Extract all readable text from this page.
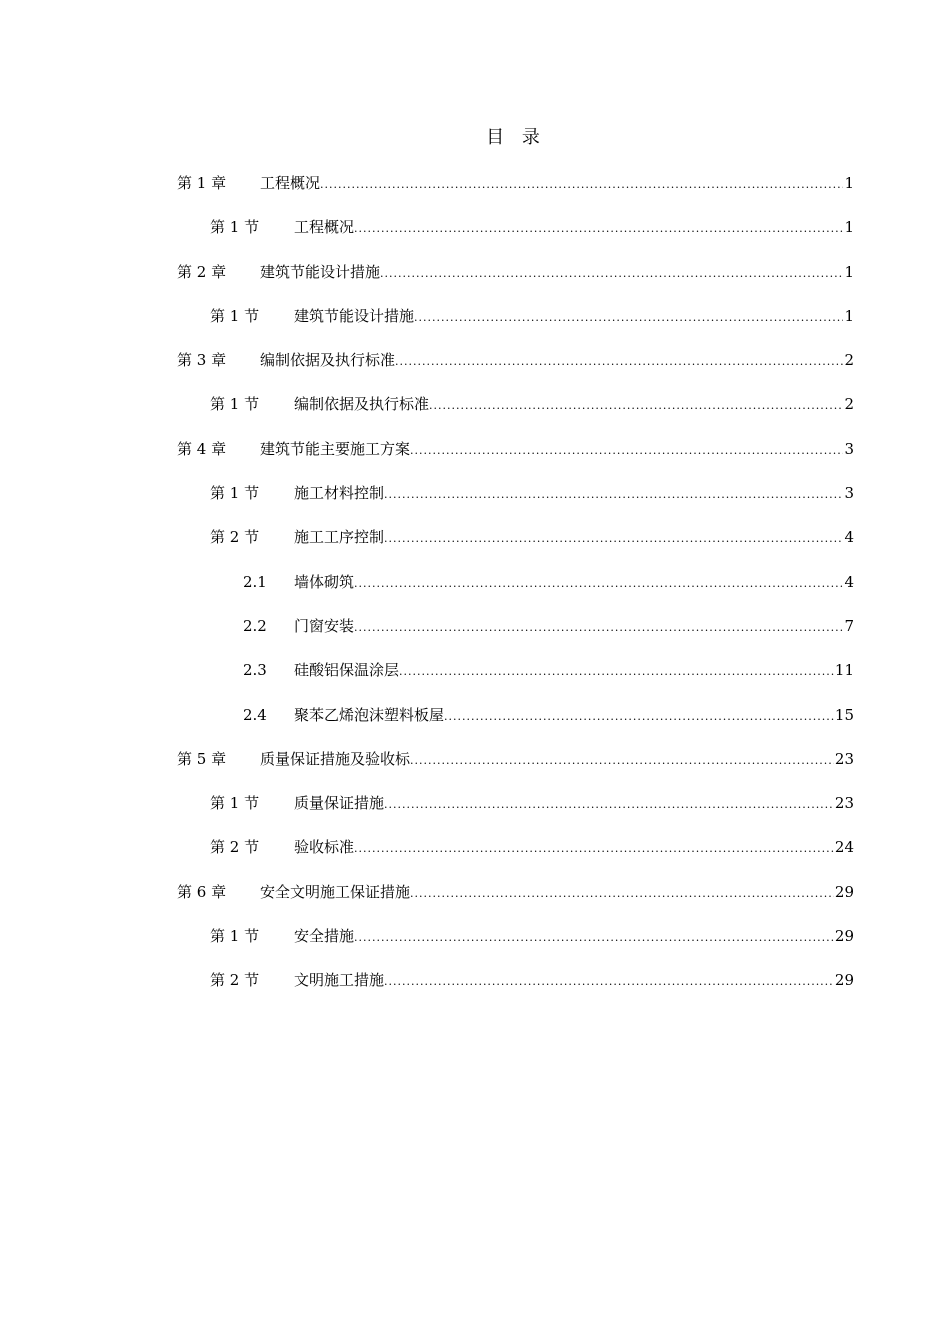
目 录
第 1 章	工程概况 .....	1
第 1 节	工程概况 .....	1
第 2 章	建筑节能设计措施 .....	1
第 1 节	建筑节能设计措施 .....	1
第 3 章	编制依据及执行标准 .....	2
第 1 节	编制依据及执行标准 .....	2
第 4 章	建筑节能主要施工方案 .....	3
第 1 节	施工材料控制 .....	3
第 2 节	施工工序控制 .....	4
2.1	墙体砌筑 .....	4
2.2	门窗安装 .....	7
2.3	硅酸铝保温涂层 .....	11
2.4	聚苯乙烯泡沫塑料板屋 .....	15
第 5 章	质量保证措施及验收标 .....	23
第 1 节	质量保证措施 .....	23
第 2 节	验收标准 .....	24
第 6 章	安全文明施工保证措施 .....	29
第 1 节	安全措施 .....	29
第 2 节	文明施工措施 .....	29
